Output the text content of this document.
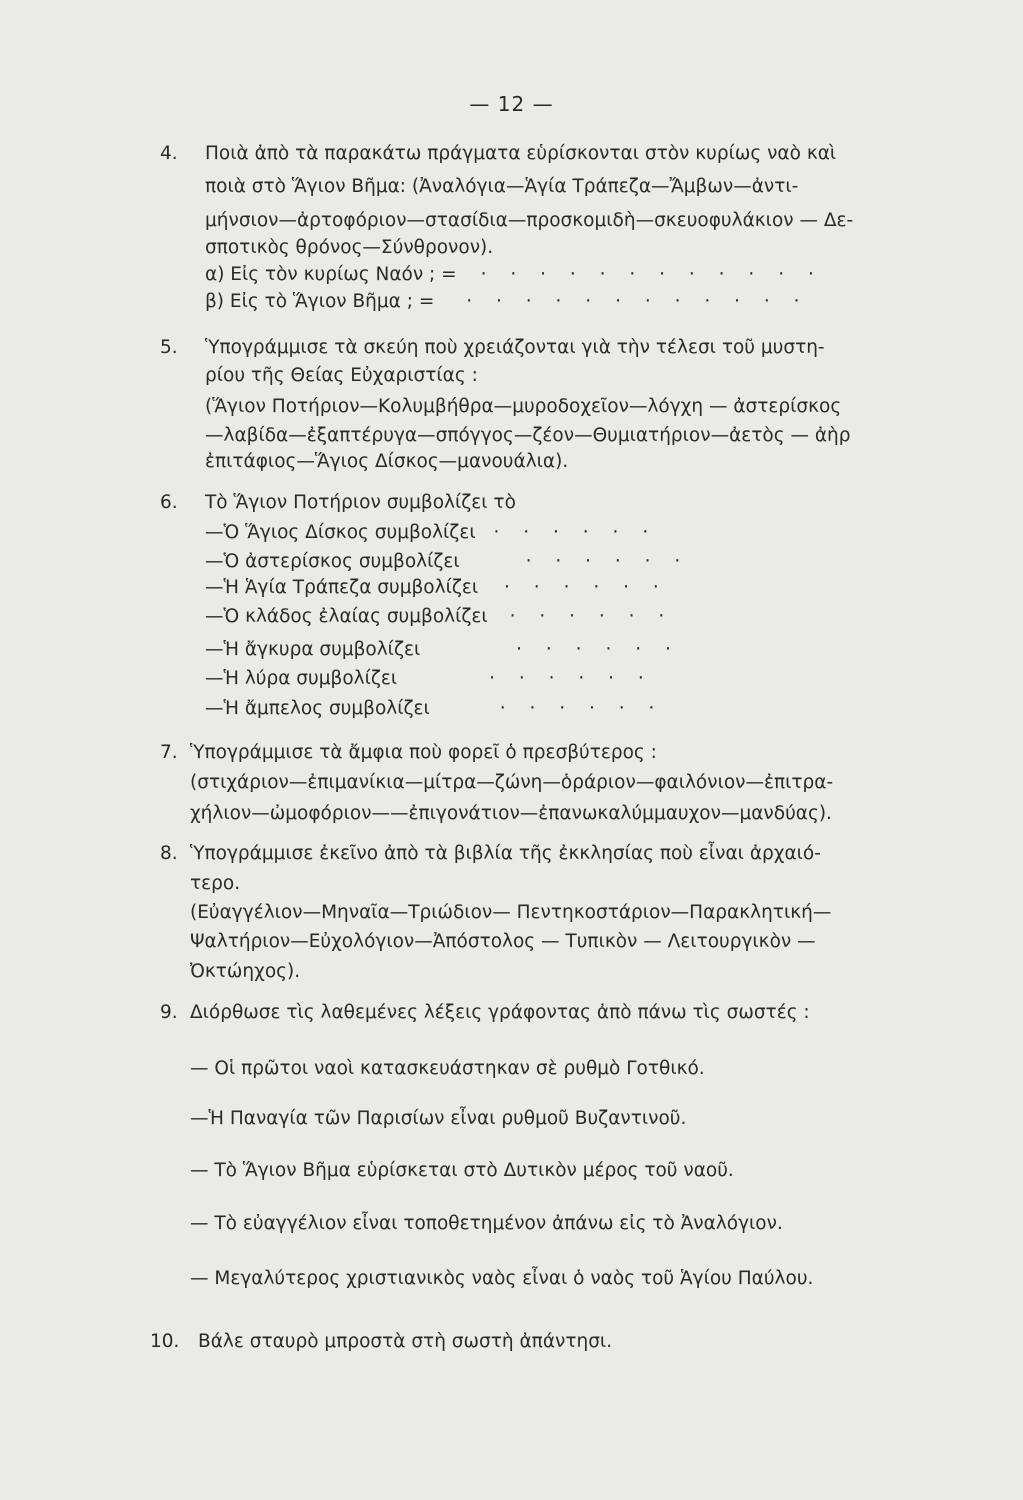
— 12 —
4. Ποιὰ ἀπὸ τὰ παρακάτω πράγματα εὑρίσκονται στὸν κυρίως ναὸ καὶ
ποιὰ στὸ Ἅγιον Βῆμα: (Ἀναλόγια—Ἁγία Τράπεζα—Ἄμβων—ἀντι-
μήνσιον—ἀρτοφόριον—στασίδια—προσκομιδὴ—σκευοφυλάκιον — Δε-
σποτικὸς θρόνος—Σύνθρονον).
α) Εἰς τὸν κυρίως Ναόν ; = · · · · · · · · · · · ·
β) Εἰς τὸ Ἅγιον Βῆμα ; = · · · · · · · · · · · ·
5. Ὑπογράμμισε τὰ σκεύη ποὺ χρειάζονται γιὰ τὴν τέλεσι τοῦ μυστη-
ρίου τῆς Θείας Εὐχαριστίας :
(Ἅγιον Ποτήριον—Κολυμβήθρα—μυροδοχεῖον—λόγχη — ἀστερίσκος
—λαβίδα—ἐξαπτέρυγα—σπόγγος—ζέον—Θυμιατήριον—ἀετὸς — ἀὴρ
ἐπιτάφιος—Ἅγιος Δίσκος—μανουάλια).
6. Τὸ Ἅγιον Ποτήριον συμβολίζει τὸ
—Ὁ Ἅγιος Δίσκος συμβολίζει · · · · · ·
—Ὁ ἀστερίσκος συμβολίζει	· · · · · ·
—Ἡ Ἁγία Τράπεζα συμβολίζει · · · · · ·
—Ὁ κλάδος ἐλαίας συμβολίζει · · · · · ·
—Ἡ ἄγκυρα συμβολίζει	· · · · · ·
—Ἡ λύρα συμβολίζει	· · · · · ·
—Ἡ ἄμπελος συμβολίζει	· · · · · ·
7. Ὑπογράμμισε τὰ ἄμφια ποὺ φορεῖ ὁ πρεσβύτερος :
(στιχάριον—ἐπιμανίκια—μίτρα—ζώνη—ὁράριον—φαιλόνιον—ἐπιτρα-
χήλιον—ὠμοφόριον——ἐπιγονάτιον—ἐπανωκαλύμμαυχον—μανδύας).
8. Ὑπογράμμισε ἐκεῖνο ἀπὸ τὰ βιβλία τῆς ἐκκλησίας ποὺ εἶναι ἀρχαιό-
τερο.
(Εὐαγγέλιον—Μηναῖα—Τριώδιον— Πεντηκοστάριον—Παρακλητική—
Ψαλτήριον—Εὐχολόγιον—Ἀπόστολος — Τυπικὸν — Λειτουργικὸν —
Ὀκτώηχος).
9. Διόρθωσε τὶς λαθεμένες λέξεις γράφοντας ἀπὸ πάνω τὶς σωστές :
— Οἱ πρῶτοι ναοὶ κατασκευάστηκαν σὲ ρυθμὸ Γοτθικό.
—Ἡ Παναγία τῶν Παρισίων εἶναι ρυθμοῦ Βυζαντινοῦ.
— Τὸ Ἅγιον Βῆμα εὑρίσκεται στὸ Δυτικὸν μέρος τοῦ ναοῦ.
— Τὸ εὐαγγέλιον εἶναι τοποθετημένον ἀπάνω εἰς τὸ Ἀναλόγιον.
— Μεγαλύτερος χριστιανικὸς ναὸς εἶναι ὁ ναὸς τοῦ Ἁγίου Παύλου.
10. Βάλε σταυρὸ μπροστὰ στὴ σωστὴ ἀπάντησι.
